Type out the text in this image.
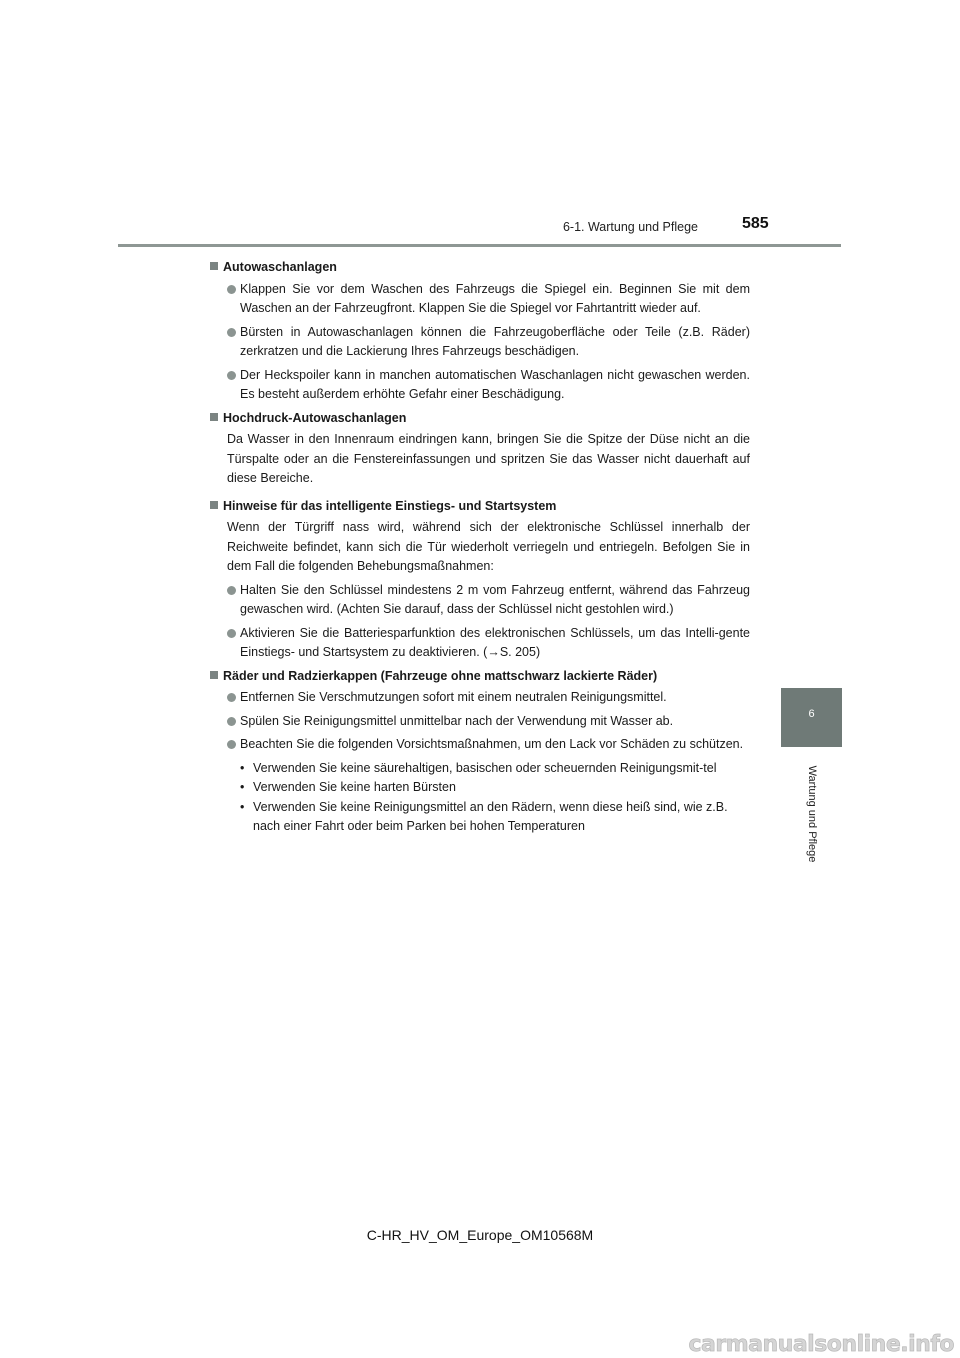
6-1. Wartung und Pflege	585
6
Wartung und Pflege
Autowaschanlagen
Klappen Sie vor dem Waschen des Fahrzeugs die Spiegel ein. Beginnen Sie mit dem Waschen an der Fahrzeugfront. Klappen Sie die Spiegel vor Fahrtantritt wieder auf.
Bürsten in Autowaschanlagen können die Fahrzeugoberfläche oder Teile (z.B. Räder) zerkratzen und die Lackierung Ihres Fahrzeugs beschädigen.
Der Heckspoiler kann in manchen automatischen Waschanlagen nicht gewaschen werden. Es besteht außerdem erhöhte Gefahr einer Beschädigung.
Hochdruck-Autowaschanlagen
Da Wasser in den Innenraum eindringen kann, bringen Sie die Spitze der Düse nicht an die Türspalte oder an die Fenstereinfassungen und spritzen Sie das Wasser nicht dauerhaft auf diese Bereiche.
Hinweise für das intelligente Einstiegs- und Startsystem
Wenn der Türgriff nass wird, während sich der elektronische Schlüssel innerhalb der Reichweite befindet, kann sich die Tür wiederholt verriegeln und entriegeln. Befolgen Sie in dem Fall die folgenden Behebungsmaßnahmen:
Halten Sie den Schlüssel mindestens 2 m vom Fahrzeug entfernt, während das Fahrzeug gewaschen wird. (Achten Sie darauf, dass der Schlüssel nicht gestohlen wird.)
Aktivieren Sie die Batteriesparfunktion des elektronischen Schlüssels, um das Intelli-gente Einstiegs- und Startsystem zu deaktivieren. (→S. 205)
Räder und Radzierkappen (Fahrzeuge ohne mattschwarz lackierte Räder)
Entfernen Sie Verschmutzungen sofort mit einem neutralen Reinigungsmittel.
Spülen Sie Reinigungsmittel unmittelbar nach der Verwendung mit Wasser ab.
Beachten Sie die folgenden Vorsichtsmaßnahmen, um den Lack vor Schäden zu schützen.
• Verwenden Sie keine säurehaltigen, basischen oder scheuernden Reinigungsmit-tel
• Verwenden Sie keine harten Bürsten
• Verwenden Sie keine Reinigungsmittel an den Rädern, wenn diese heiß sind, wie z.B. nach einer Fahrt oder beim Parken bei hohen Temperaturen
C-HR_HV_OM_Europe_OM10568M
carmanualsonline.info
